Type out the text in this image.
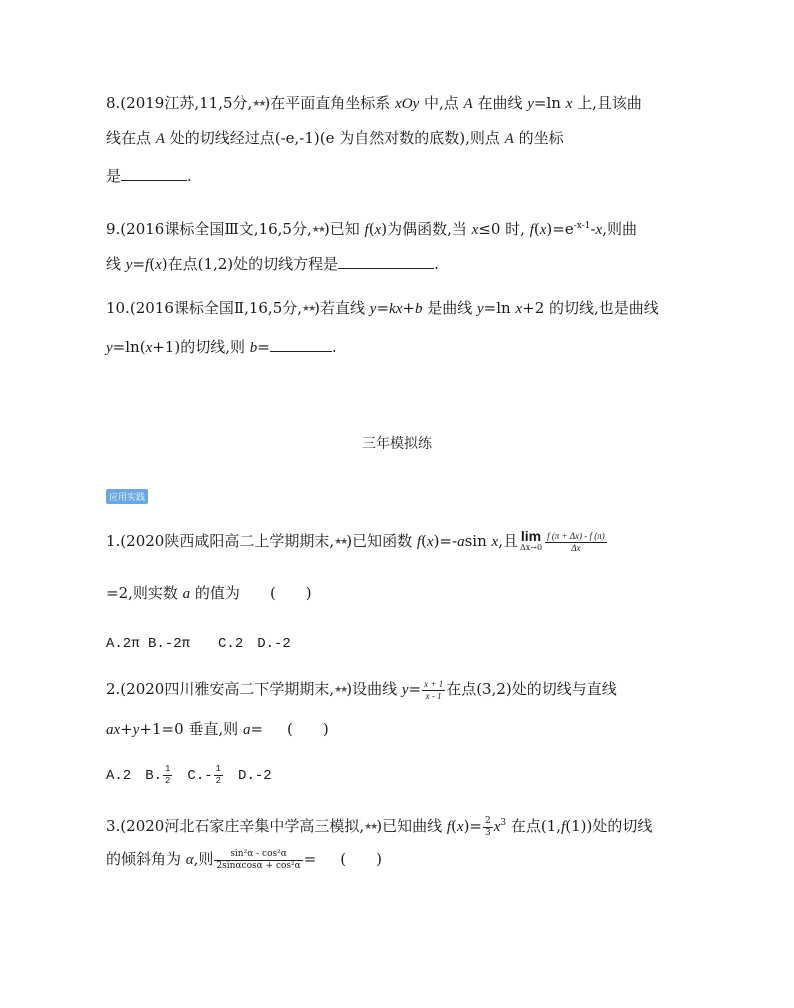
8.(2019江苏,11,5分,★★)在平面直角坐标系 xOy 中,点 A 在曲线 y=ln x 上,且该曲
线在点 A 处的切线经过点(-e,-1)(e 为自然对数的底数),则点 A 的坐标
是	.
9.(2016课标全国Ⅲ文,16,5分,★★)已知 f(x)为偶函数,当 x≤0 时, $f(x)=e^{-x-1}-x$,则曲
线 y=f(x)在点(1,2)处的切线方程是	.
10.(2016课标全国Ⅱ,16,5分,★★)若直线 y=kx+b 是曲线 y=ln x+2 的切线,也是曲线
y=ln(x+1)的切线,则 b=	.
三年模拟练
应用实践
1.(2020陕西咸阳高二上学期期末,★★)已知函数 f(x)=-asin x,且 lim
$\Delta x\to 0 \frac{f (\pi + \Delta x) - f (\pi)}{\Delta x}$
=2,则实数 a 的值为 (　　)
A.2π B.-2π　　C.2　D.-2
2.(2020四川雅安高二下学期期末,★★)设曲线 $y= \frac{x + 1}{x - 1}$ 在点(3,2)处的切线与直线
ax+y+1=0 垂直,则 a= (　　)
A.2　B. $\frac{1}{2}$ 　$C.- \frac{1}{2}$ 　D.-2
3.(2020河北石家庄辛集中学高三模拟,★★)已知曲线 $f(x)= \frac{2}{3} x^3$ 在点(1,f(1))处的切线
的倾斜角为 α,则 $\frac{\text{sin²α - cos²α}}{\text{2sinαcosα + cos²α}}$ = (　　)
